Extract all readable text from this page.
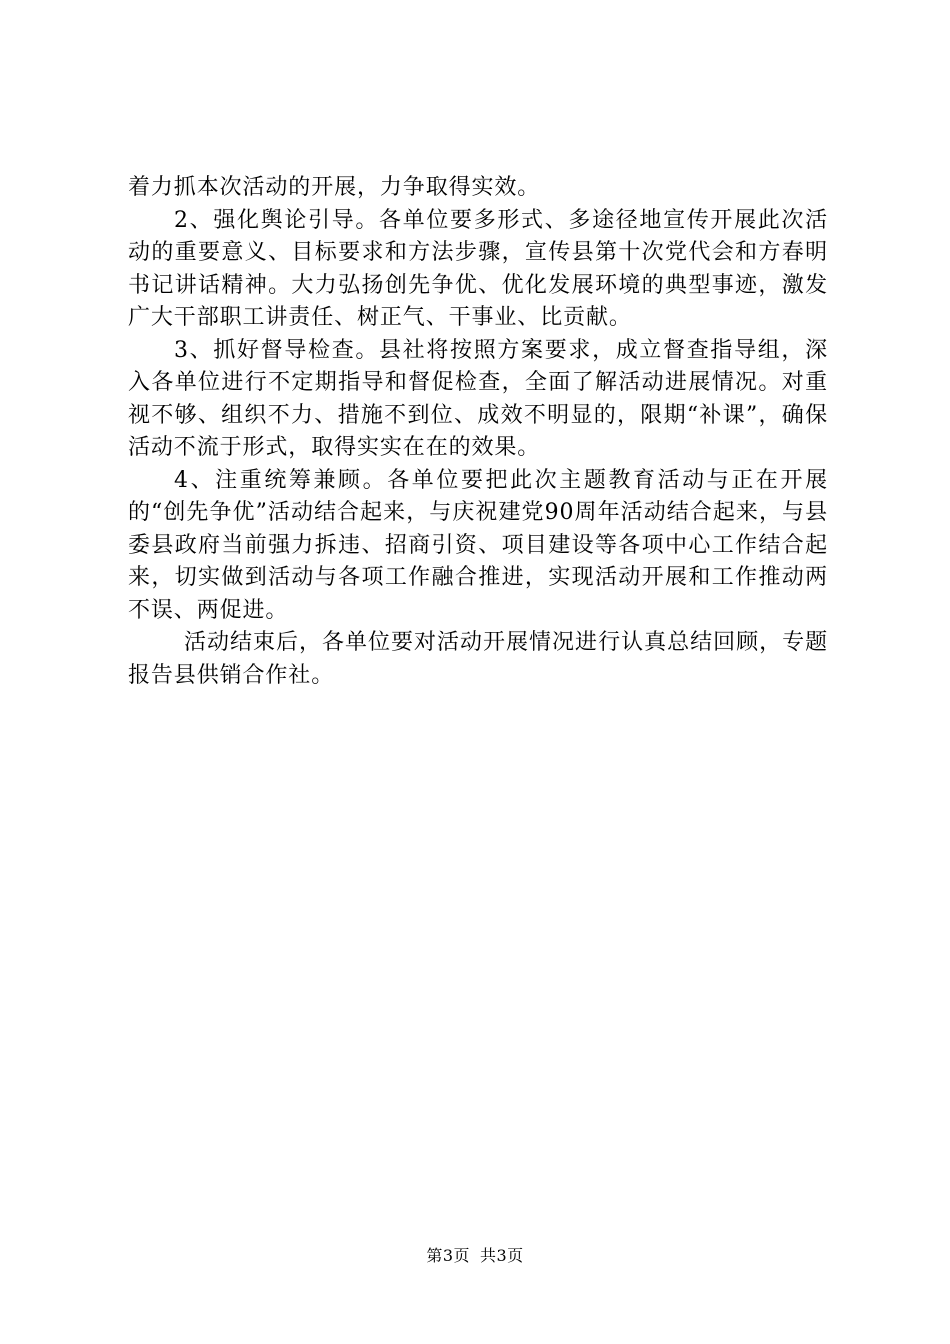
着力抓本次活动的开展，力争取得实效。

2、强化舆论引导。各单位要多形式、多途径地宣传开展此次活动的重要意义、目标要求和方法步骤，宣传县第十次党代会和方春明书记讲话精神。大力弘扬创先争优、优化发展环境的典型事迹，激发广大干部职工讲责任、树正气、干事业、比贡献。

3、抓好督导检查。县社将按照方案要求，成立督查指导组，深入各单位进行不定期指导和督促检查，全面了解活动进展情况。对重视不够、组织不力、措施不到位、成效不明显的，限期“补课”，确保活动不流于形式，取得实实在在的效果。

4、注重统筹兼顾。各单位要把此次主题教育活动与正在开展的“创先争优”活动结合起来，与庆祝建党90周年活动结合起来，与县委县政府当前强力拆违、招商引资、项目建设等各项中心工作结合起来，切实做到活动与各项工作融合推进，实现活动开展和工作推动两不误、两促进。

活动结束后，各单位要对活动开展情况进行认真总结回顾，专题报告县供销合作社。

第3页 共3页
